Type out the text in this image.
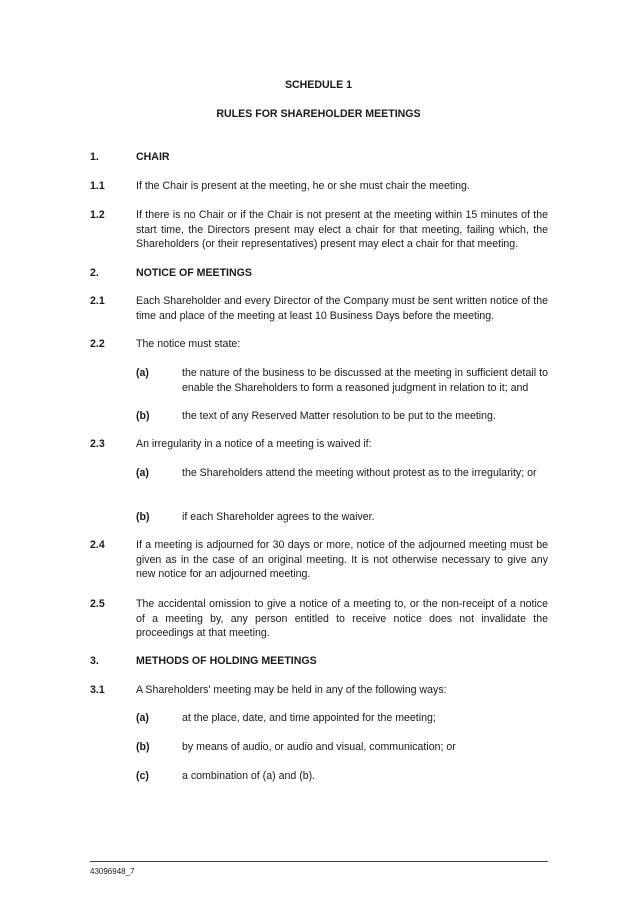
SCHEDULE 1
RULES FOR SHAREHOLDER MEETINGS
1.	CHAIR
1.1	If the Chair is present at the meeting, he or she must chair the meeting.
1.2	If there is no Chair or if the Chair is not present at the meeting within 15 minutes of the start time, the Directors present may elect a chair for that meeting, failing which, the Shareholders (or their representatives) present may elect a chair for that meeting.
2.	NOTICE OF MEETINGS
2.1	Each Shareholder and every Director of the Company must be sent written notice of the time and place of the meeting at least 10 Business Days before the meeting.
2.2	The notice must state:
(a)	the nature of the business to be discussed at the meeting in sufficient detail to enable the Shareholders to form a reasoned judgment in relation to it; and
(b)	the text of any Reserved Matter resolution to be put to the meeting.
2.3	An irregularity in a notice of a meeting is waived if:
(a)	the Shareholders attend the meeting without protest as to the irregularity; or
(b)	if each Shareholder agrees to the waiver.
2.4	If a meeting is adjourned for 30 days or more, notice of the adjourned meeting must be given as in the case of an original meeting. It is not otherwise necessary to give any new notice for an adjourned meeting.
2.5	The accidental omission to give a notice of a meeting to, or the non-receipt of a notice of a meeting by, any person entitled to receive notice does not invalidate the proceedings at that meeting.
3.	METHODS OF HOLDING MEETINGS
3.1	A Shareholders' meeting may be held in any of the following ways:
(a)	at the place, date, and time appointed for the meeting;
(b)	by means of audio, or audio and visual, communication; or
(c)	a combination of (a) and (b).
43096948_7
